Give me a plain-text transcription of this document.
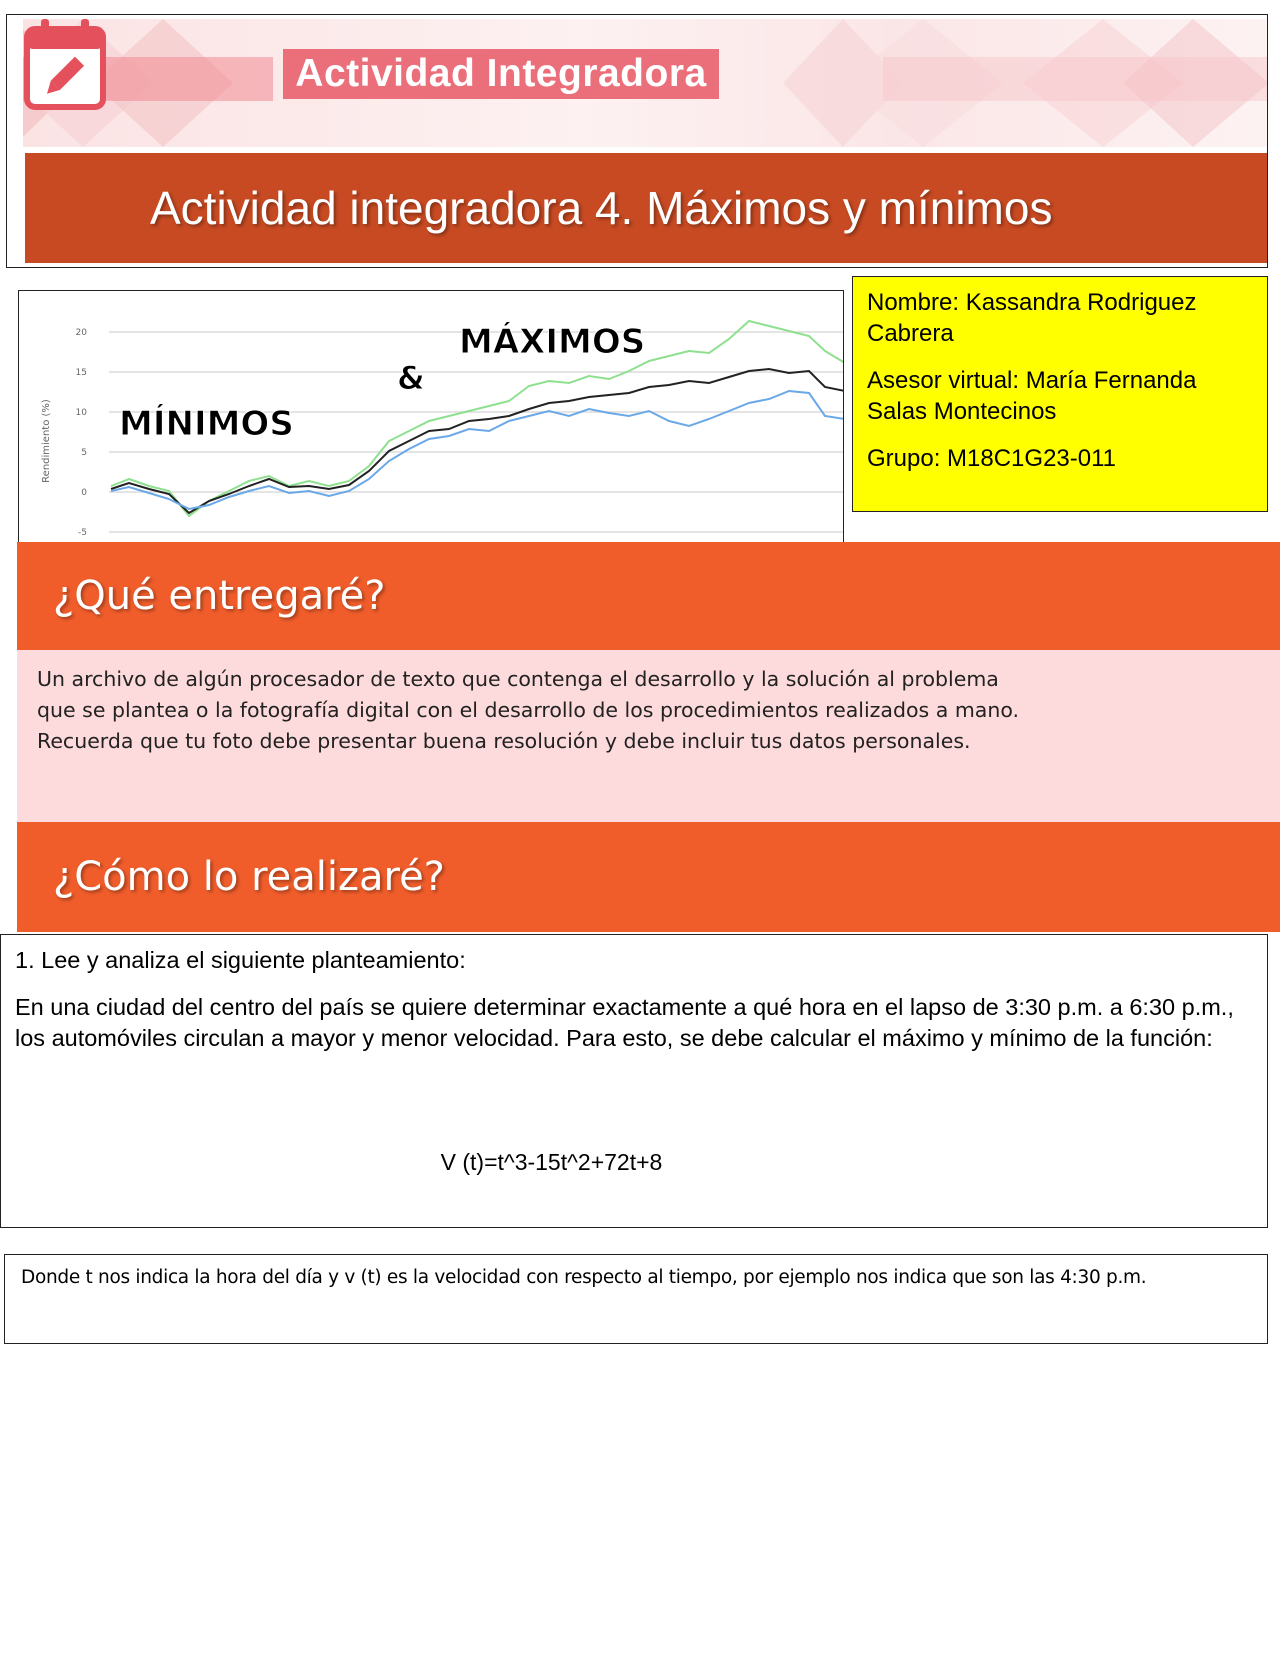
Actividad Integradora
Actividad integradora 4. Máximos y mínimos
20
15
10
5
0
-5
Rendimiento (%)
MÁXIMOS
&
MÍNIMOS

Nombre: Kassandra Rodriguez Cabrera

Asesor virtual: María Fernanda Salas Montecinos

Grupo: M18C1G23-011

¿Qué entregaré?
Un archivo de algún procesador de texto que contenga el desarrollo y la solución al problema que se plantea o la fotografía digital con el desarrollo de los procedimientos realizados a mano. Recuerda que tu foto debe presentar buena resolución y debe incluir tus datos personales.
¿Cómo lo realizaré?

1. Lee y analiza el siguiente planteamiento:

En una ciudad del centro del país se quiere determinar exactamente a qué hora en el lapso de 3:30 p.m. a 6:30 p.m., los automóviles circulan a mayor y menor velocidad. Para esto, se debe calcular el máximo y mínimo de la función:

V (t)=t^3-15t^2+72t+8
Donde t nos indica la hora del día y v (t) es la velocidad con respecto al tiempo, por ejemplo nos indica que son las 4:30 p.m.
